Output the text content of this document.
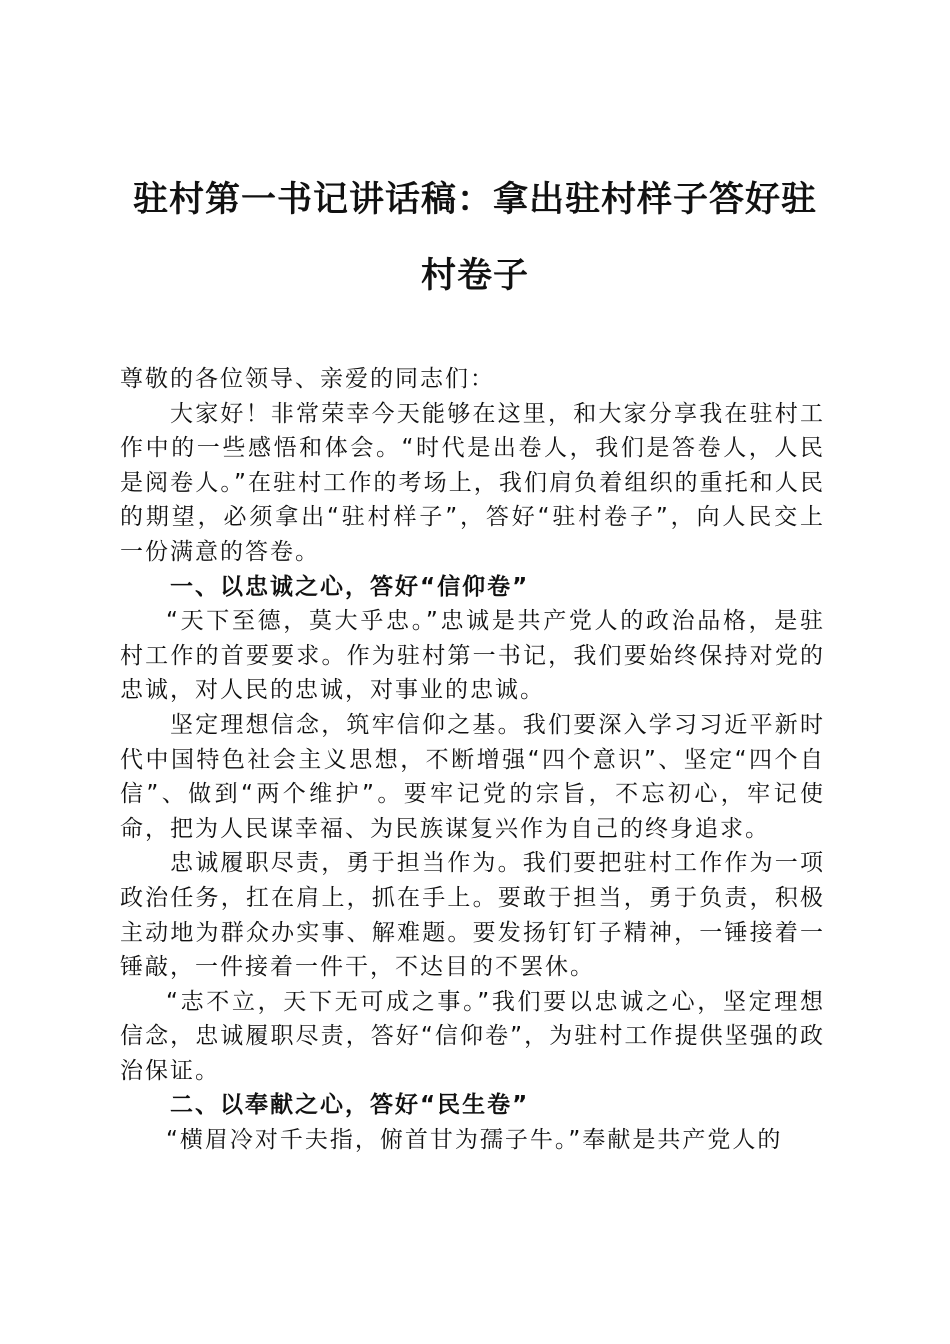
驻村第一书记讲话稿：拿出驻村样子答好驻村卷子

尊敬的各位领导、亲爱的同志们：

大家好！非常荣幸今天能够在这里，和大家分享我在驻村工作中的一些感悟和体会。“时代是出卷人，我们是答卷人，人民是阅卷人。”在驻村工作的考场上，我们肩负着组织的重托和人民的期望，必须拿出“驻村样子”，答好“驻村卷子”，向人民交上一份满意的答卷。

一、以忠诚之心，答好“信仰卷”

“天下至德，莫大乎忠。”忠诚是共产党人的政治品格，是驻村工作的首要要求。作为驻村第一书记，我们要始终保持对党的忠诚，对人民的忠诚，对事业的忠诚。

坚定理想信念，筑牢信仰之基。我们要深入学习习近平新时代中国特色社会主义思想，不断增强“四个意识”、坚定“四个自信”、做到“两个维护”。要牢记党的宗旨，不忘初心，牢记使命，把为人民谋幸福、为民族谋复兴作为自己的终身追求。

忠诚履职尽责，勇于担当作为。我们要把驻村工作作为一项政治任务，扛在肩上，抓在手上。要敢于担当，勇于负责，积极主动地为群众办实事、解难题。要发扬钉钉子精神，一锤接着一锤敲，一件接着一件干，不达目的不罢休。

“志不立，天下无可成之事。”我们要以忠诚之心，坚定理想信念，忠诚履职尽责，答好“信仰卷”，为驻村工作提供坚强的政治保证。

二、以奉献之心，答好“民生卷”

“横眉冷对千夫指，俯首甘为孺子牛。”奉献是共产党人的
